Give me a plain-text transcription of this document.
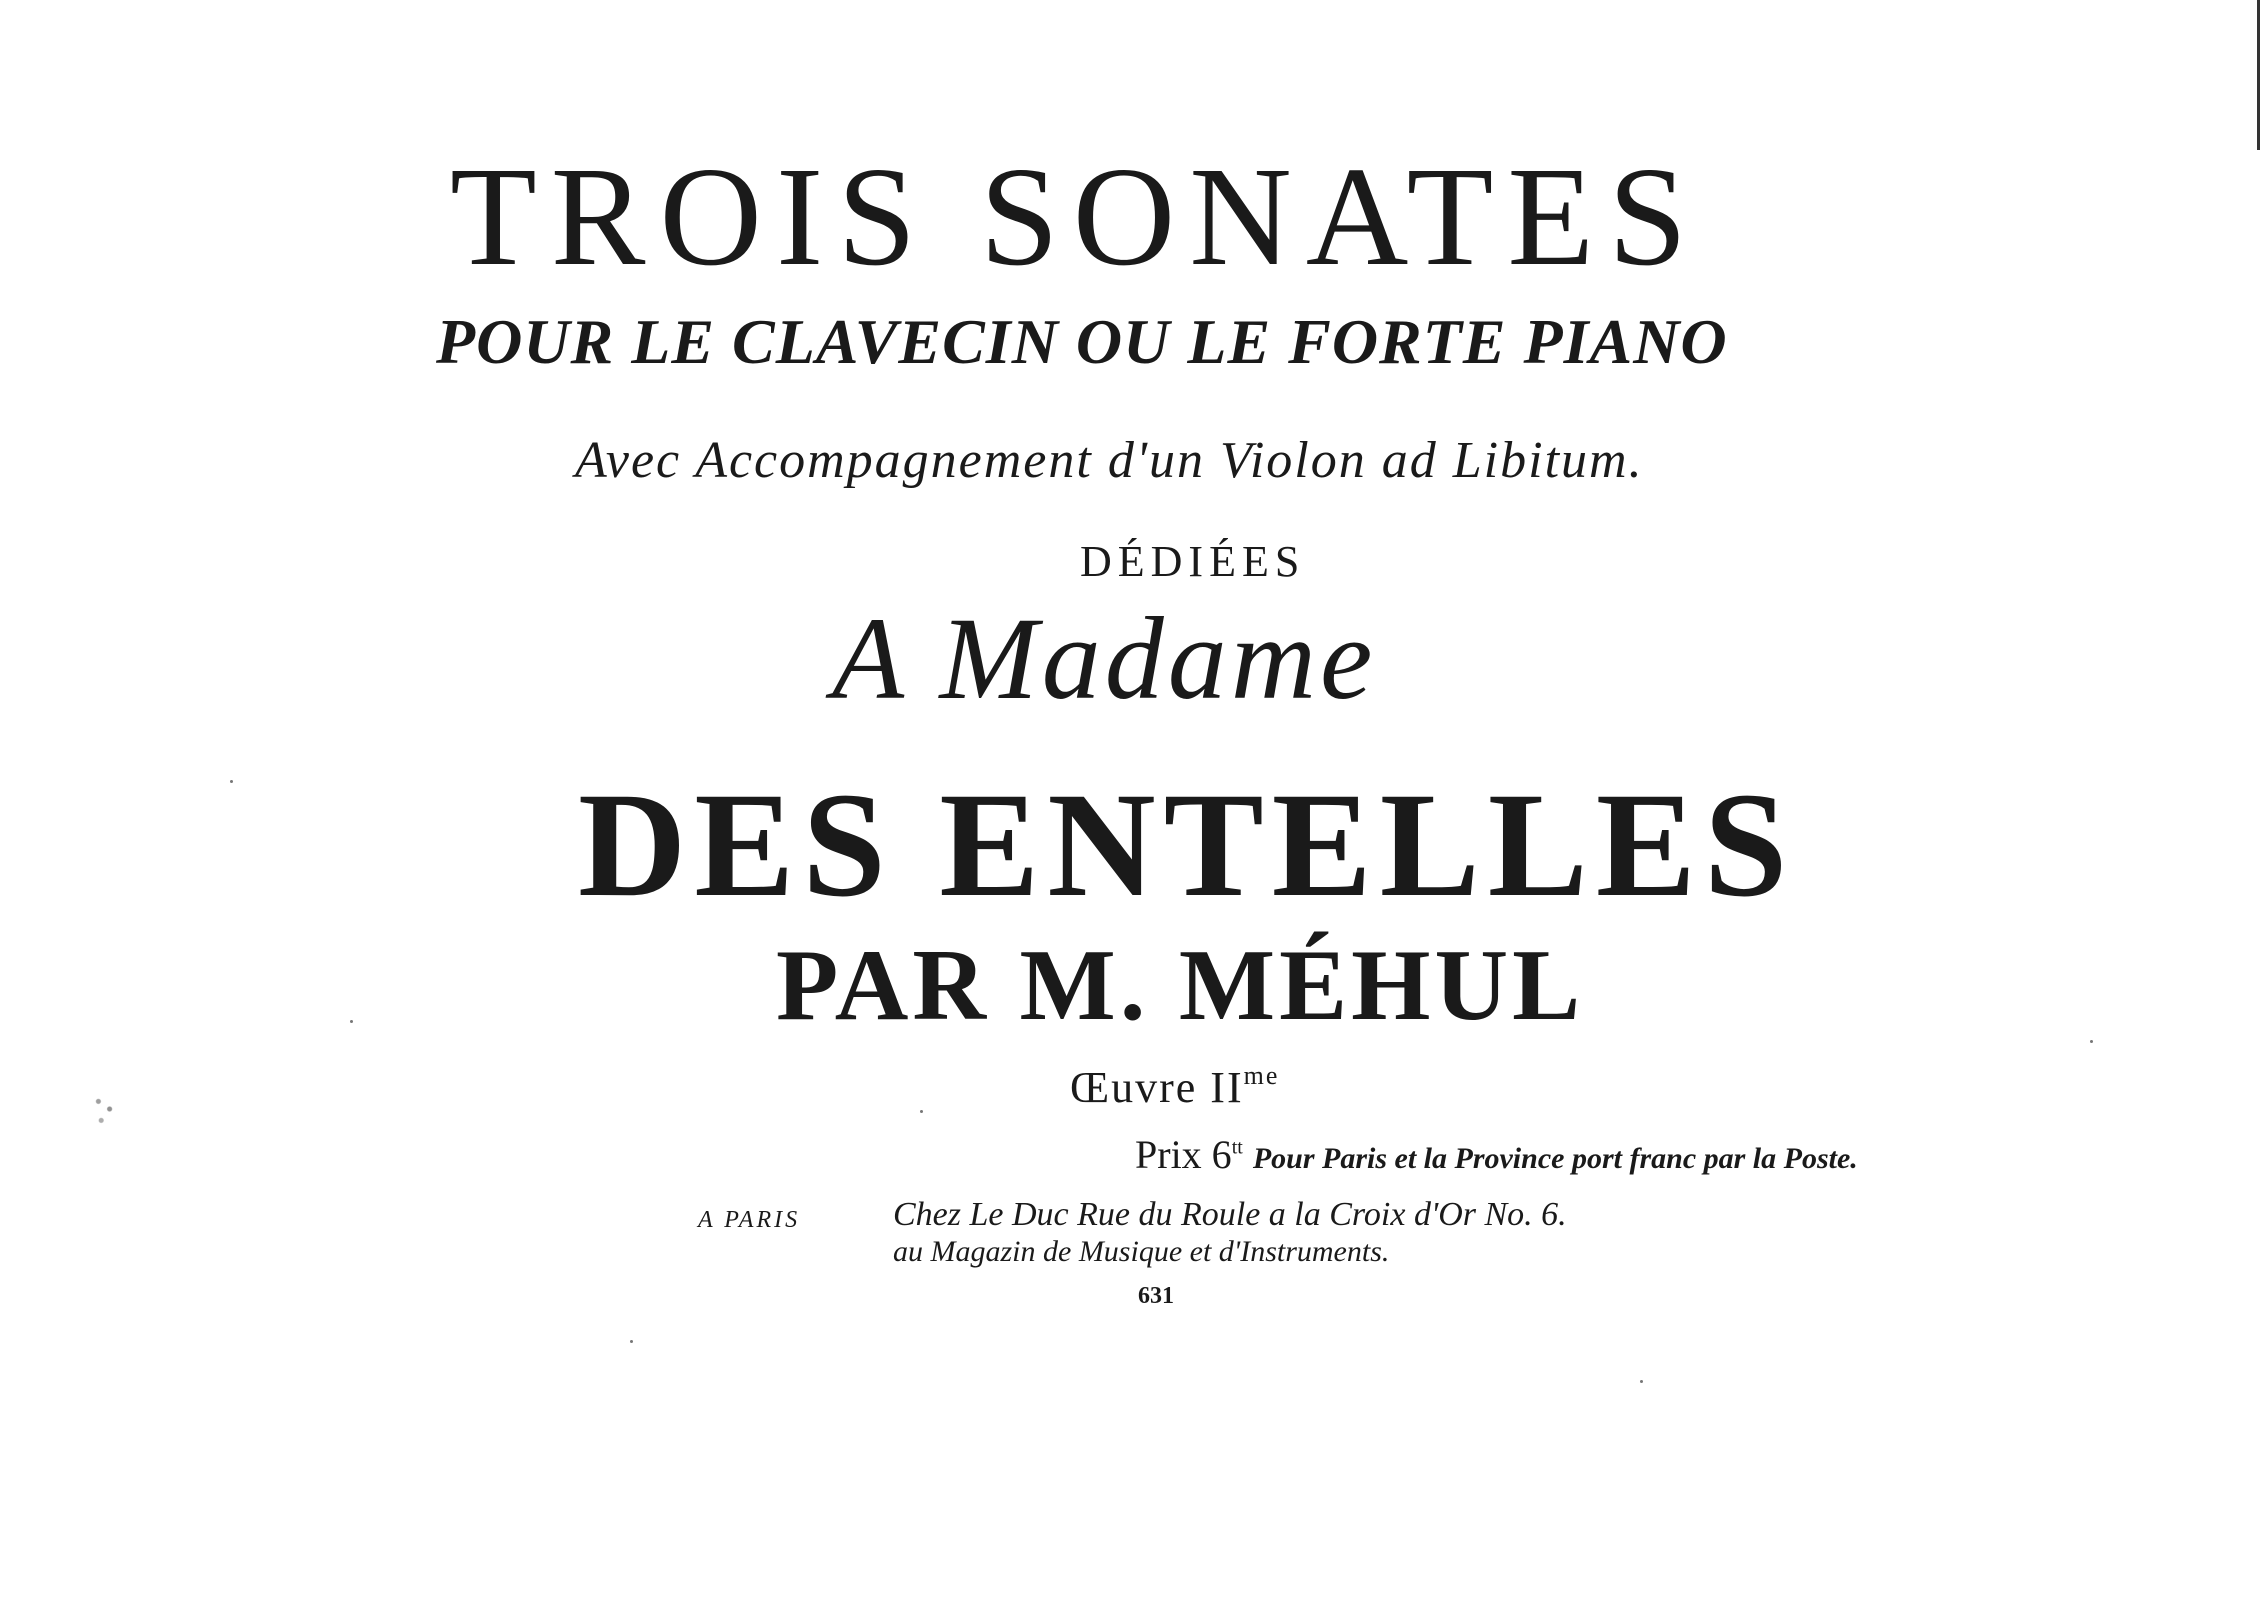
TROIS SONATES
POUR LE CLAVECIN OU LE FORTE PIANO
Avec Accompagnement d'un Violon ad Libitum.
DÉDIÉES
A Madame
DES ENTELLES
PAR M. MÉHUL
Œuvre $II^{me}$
Prix $6^{tt}$ Pour Paris et la Province port franc par la Poste.
A PARIS	Chez Le Duc Rue du Roule a la Croix d'Or No. 6.
au Magazin de Musique et d'Instruments.
631
